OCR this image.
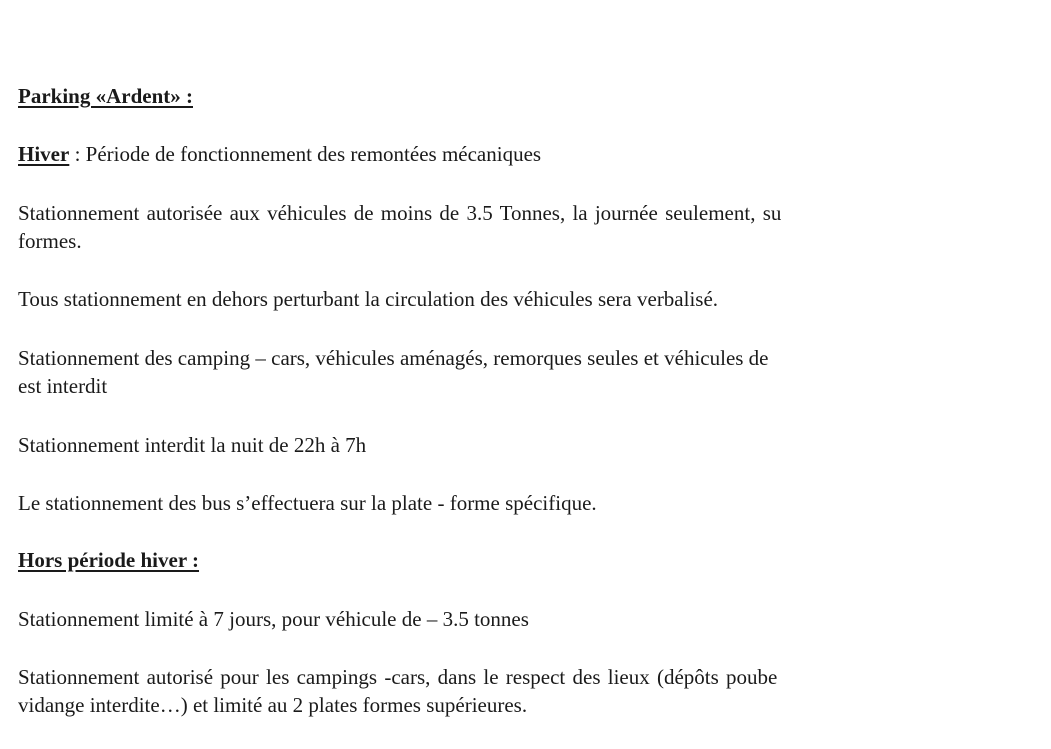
Parking «Ardent» :
Hiver : Période de fonctionnement des remontées mécaniques
Stationnement autorisée aux véhicules de moins de 3.5 Tonnes, la journée seulement, su
formes.
Tous stationnement en dehors perturbant la circulation des véhicules sera verbalisé.
Stationnement des camping – cars, véhicules aménagés, remorques seules et véhicules de
est interdit
Stationnement interdit la nuit de 22h à 7h
Le stationnement des bus s’effectuera sur la plate - forme spécifique.
Hors période hiver :
Stationnement limité à 7 jours, pour véhicule de – 3.5 tonnes
Stationnement autorisé pour les campings -cars, dans le respect des lieux (dépôts poube
vidange interdite…) et limité au 2 plates formes supérieures.
